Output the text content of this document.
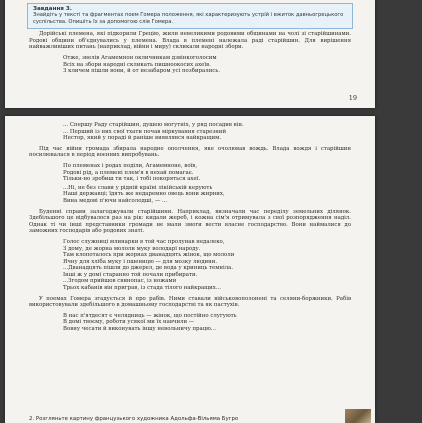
Завдання 3.
Знайдіть у тексті та фрагментах поем Гомера положення, які характеризують устрій і вжиток давньогрецького суспільства. Опишіть їх за допомогою слів Гомера.
Дорійські племена, які підкорили Грецію, жили невеликими родовими общинами на чолі зі старійшинами. Родові общини об'єднувались у племена. Влада в племені належала раді старійшин. Для вирішення найважливіших питань (наприклад, війни і миру) скликали народні збори.
Отже, звелів Агамемнон окличникам дзвінкоголосим
Всіх на збори народні скликать пишноокосих ахеїв.
З кличем пішли вони, й от незабаром усі позбирались.
19
... Спершу Раду старійшин, душею могутніх, у ряд посадив він.
... Перший із них свої тхати почав міркування старезний
Нестор, який у пораді й раніше виявлявся найкращим.
Під час війни громада збирала народне ополчення, яке очолював вождь. Влада вождя і старійшин посилювалася в період воєнних випробувань.
По племенах і родах поділи, Агамемноне, воїв,
Родові рід, а племені плем'я в нехай помагає.
Тільки-но зробиш ти так, і тобі покоряться ахеї.
...Ні, не без слави у рідній країні лікійській керують
Наші державці; їдять же недаремно овець вони жирних,
Вина медові п'ючи найсолодші, — ...
Буденні справи залагоджували старійшини. Наприклад, визначали час переділу земельних ділянок. Здебільшого це відбувалося раз на рік: кидали жереб, і кожна сім'я отримувала з свої розпорядження наділ. Однак ті чи інші представники громади не мали змоги вести власне господарство. Вони наймалися до заможних господарів або родових знаті.
Голос служниці млинарки в той час пролунав недалеко,
З дому, де жорна мололи муку володарі народу.
Там клопоталось при жорнах дванадцять жінок, що мололи
Ячну для хліба муку і пшеницю — для мозку людини.
...Дванадцять пішли до джерел, де вода у криниць темніла.
Інші ж у домі старанно той почали прибирати.
...Згодом прийшов свинопас, із ножами
Трьох кабанів він приграв, із стада тілого найкращих...
У поемах Гомера згадується й про рабів. Ними ставали військовополонені та селяни-боржники. Рабів використовували здебільшого в домашньому господарстві та як пастухів.
В нас п'ятдесят є челядниць — жінок, що постійно слугують
В домі твоєму, роботи усякої ми їх навчили —
Вовну чесати й виконувать іншу невольничу працю...
2. Розгляньте картину французького художника Адольфа-Вільяма Бугро
